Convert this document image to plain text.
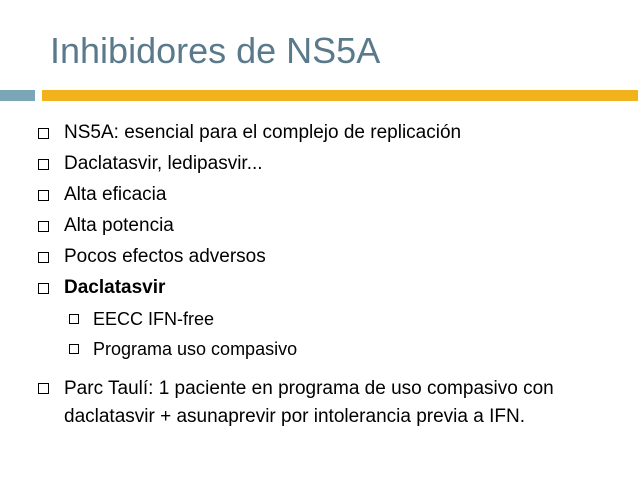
Inhibidores de NS5A
NS5A: esencial para el complejo de replicación
Daclatasvir, ledipasvir...
Alta eficacia
Alta potencia
Pocos efectos adversos
Daclatasvir
EECC IFN-free
Programa uso compasivo
Parc Taulí: 1 paciente en programa de uso compasivo con daclatasvir + asunaprevir por intolerancia previa a IFN.
